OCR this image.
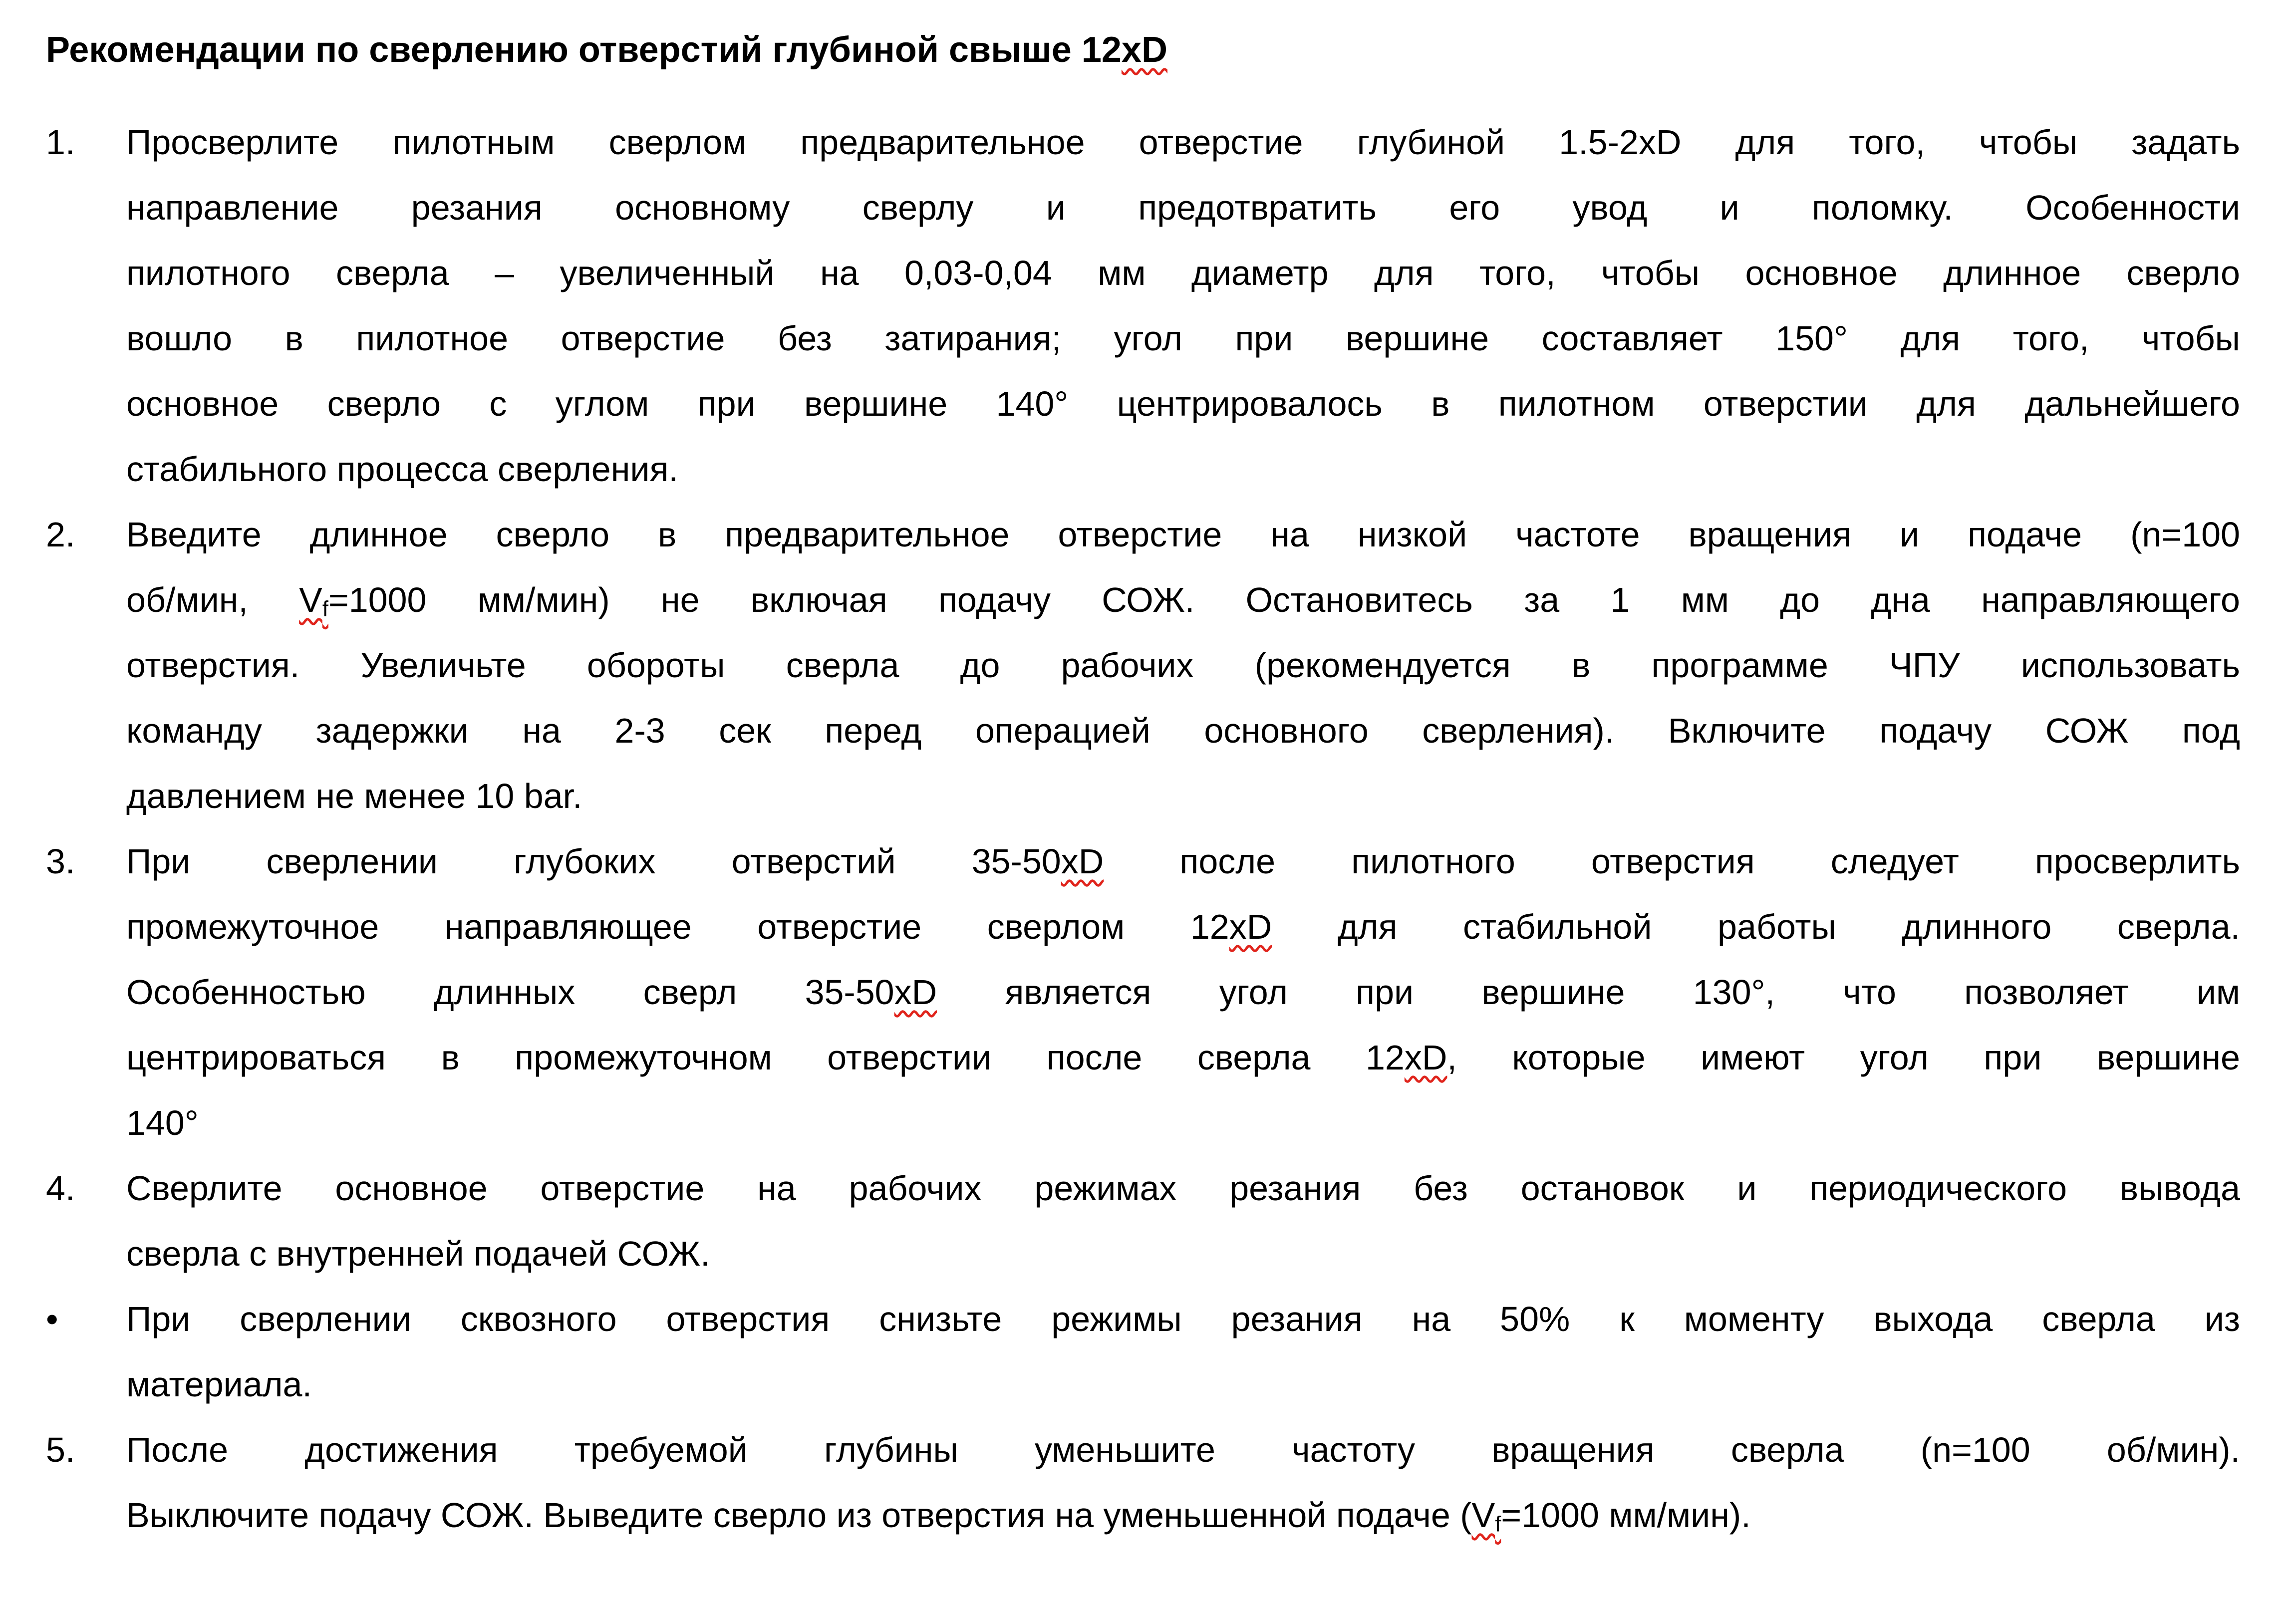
Рекомендации по сверлению отверстий глубиной свыше 12xD
1. Просверлите пилотным сверлом предварительное отверстие глубиной 1.5-2xD для того, чтобы задать
направление резания основному сверлу и предотвратить его увод и поломку. Особенности
пилотного сверла – увеличенный на 0,03-0,04 мм диаметр для того, чтобы основное длинное сверло
вошло в пилотное отверстие без затирания; угол при вершине составляет 150° для того, чтобы
основное сверло с углом при вершине 140° центрировалось в пилотном отверстии для дальнейшего
стабильного процесса сверления.
2. Введите длинное сверло в предварительное отверстие на низкой частоте вращения и подаче (n=100
об/мин, $V_f=1000$ мм/мин) не включая подачу СОЖ. Остановитесь за 1 мм до дна направляющего
отверстия. Увеличьте обороты сверла до рабочих (рекомендуется в программе ЧПУ использовать
команду задержки на 2-3 сек перед операцией основного сверления). Включите подачу СОЖ под
давлением не менее 10 bar.
3. При сверлении глубоких отверстий 35-50xD после пилотного отверстия следует просверлить
промежуточное направляющее отверстие сверлом 12xD для стабильной работы длинного сверла.
Особенностью длинных сверл 35-50xD является угол при вершине 130°, что позволяет им
центрироваться в промежуточном отверстии после сверла 12xD, которые имеют угол при вершине
140°
4. Сверлите основное отверстие на рабочих режимах резания без остановок и периодического вывода
сверла с внутренней подачей СОЖ.
• При сверлении сквозного отверстия снизьте режимы резания на 50% к моменту выхода сверла из
материала.
5. После достижения требуемой глубины уменьшите частоту вращения сверла (n=100 об/мин).
Выключите подачу СОЖ. Выведите сверло из отверстия на уменьшенной подаче ($V_f=1000$ мм/мин).
